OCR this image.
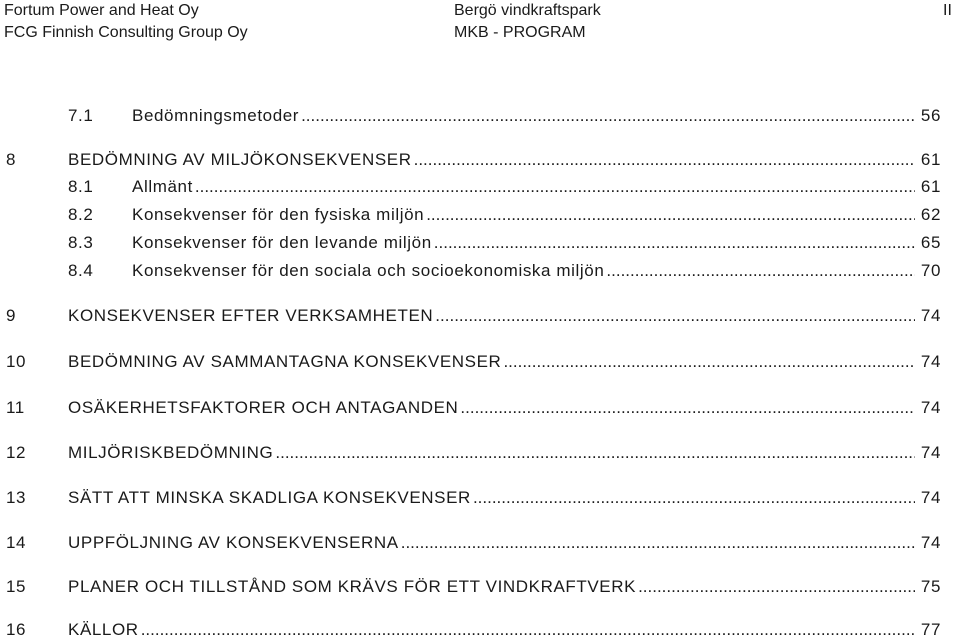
Fortum Power and Heat Oy
FCG Finnish Consulting Group Oy
Bergö vindkraftspark
MKB - PROGRAM
II
7.1 Bedömningsmetoder .....	56
8	BEDÖMNING AV MILJÖKONSEKVENSER .....	61
8.1 Allmänt .....	61
8.2 Konsekvenser för den fysiska miljön .....	62
8.3 Konsekvenser för den levande miljön .....	65
8.4 Konsekvenser för den sociala och socioekonomiska miljön .....	70
9	KONSEKVENSER EFTER VERKSAMHETEN .....	74
10 BEDÖMNING AV SAMMANTAGNA KONSEKVENSER .....	74
11	OSÄKERHETSFAKTORER OCH ANTAGANDEN .....	74
12 MILJÖRISKBEDÖMNING .....	74
13 SÄTT ATT MINSKA SKADLIGA KONSEKVENSER .....	74
14 UPPFÖLJNING AV KONSEKVENSERNA .....	74
15 PLANER OCH TILLSTÅND SOM KRÄVS FÖR ETT VINDKRAFTVERK .....	75
16 KÄLLOR .....	77
